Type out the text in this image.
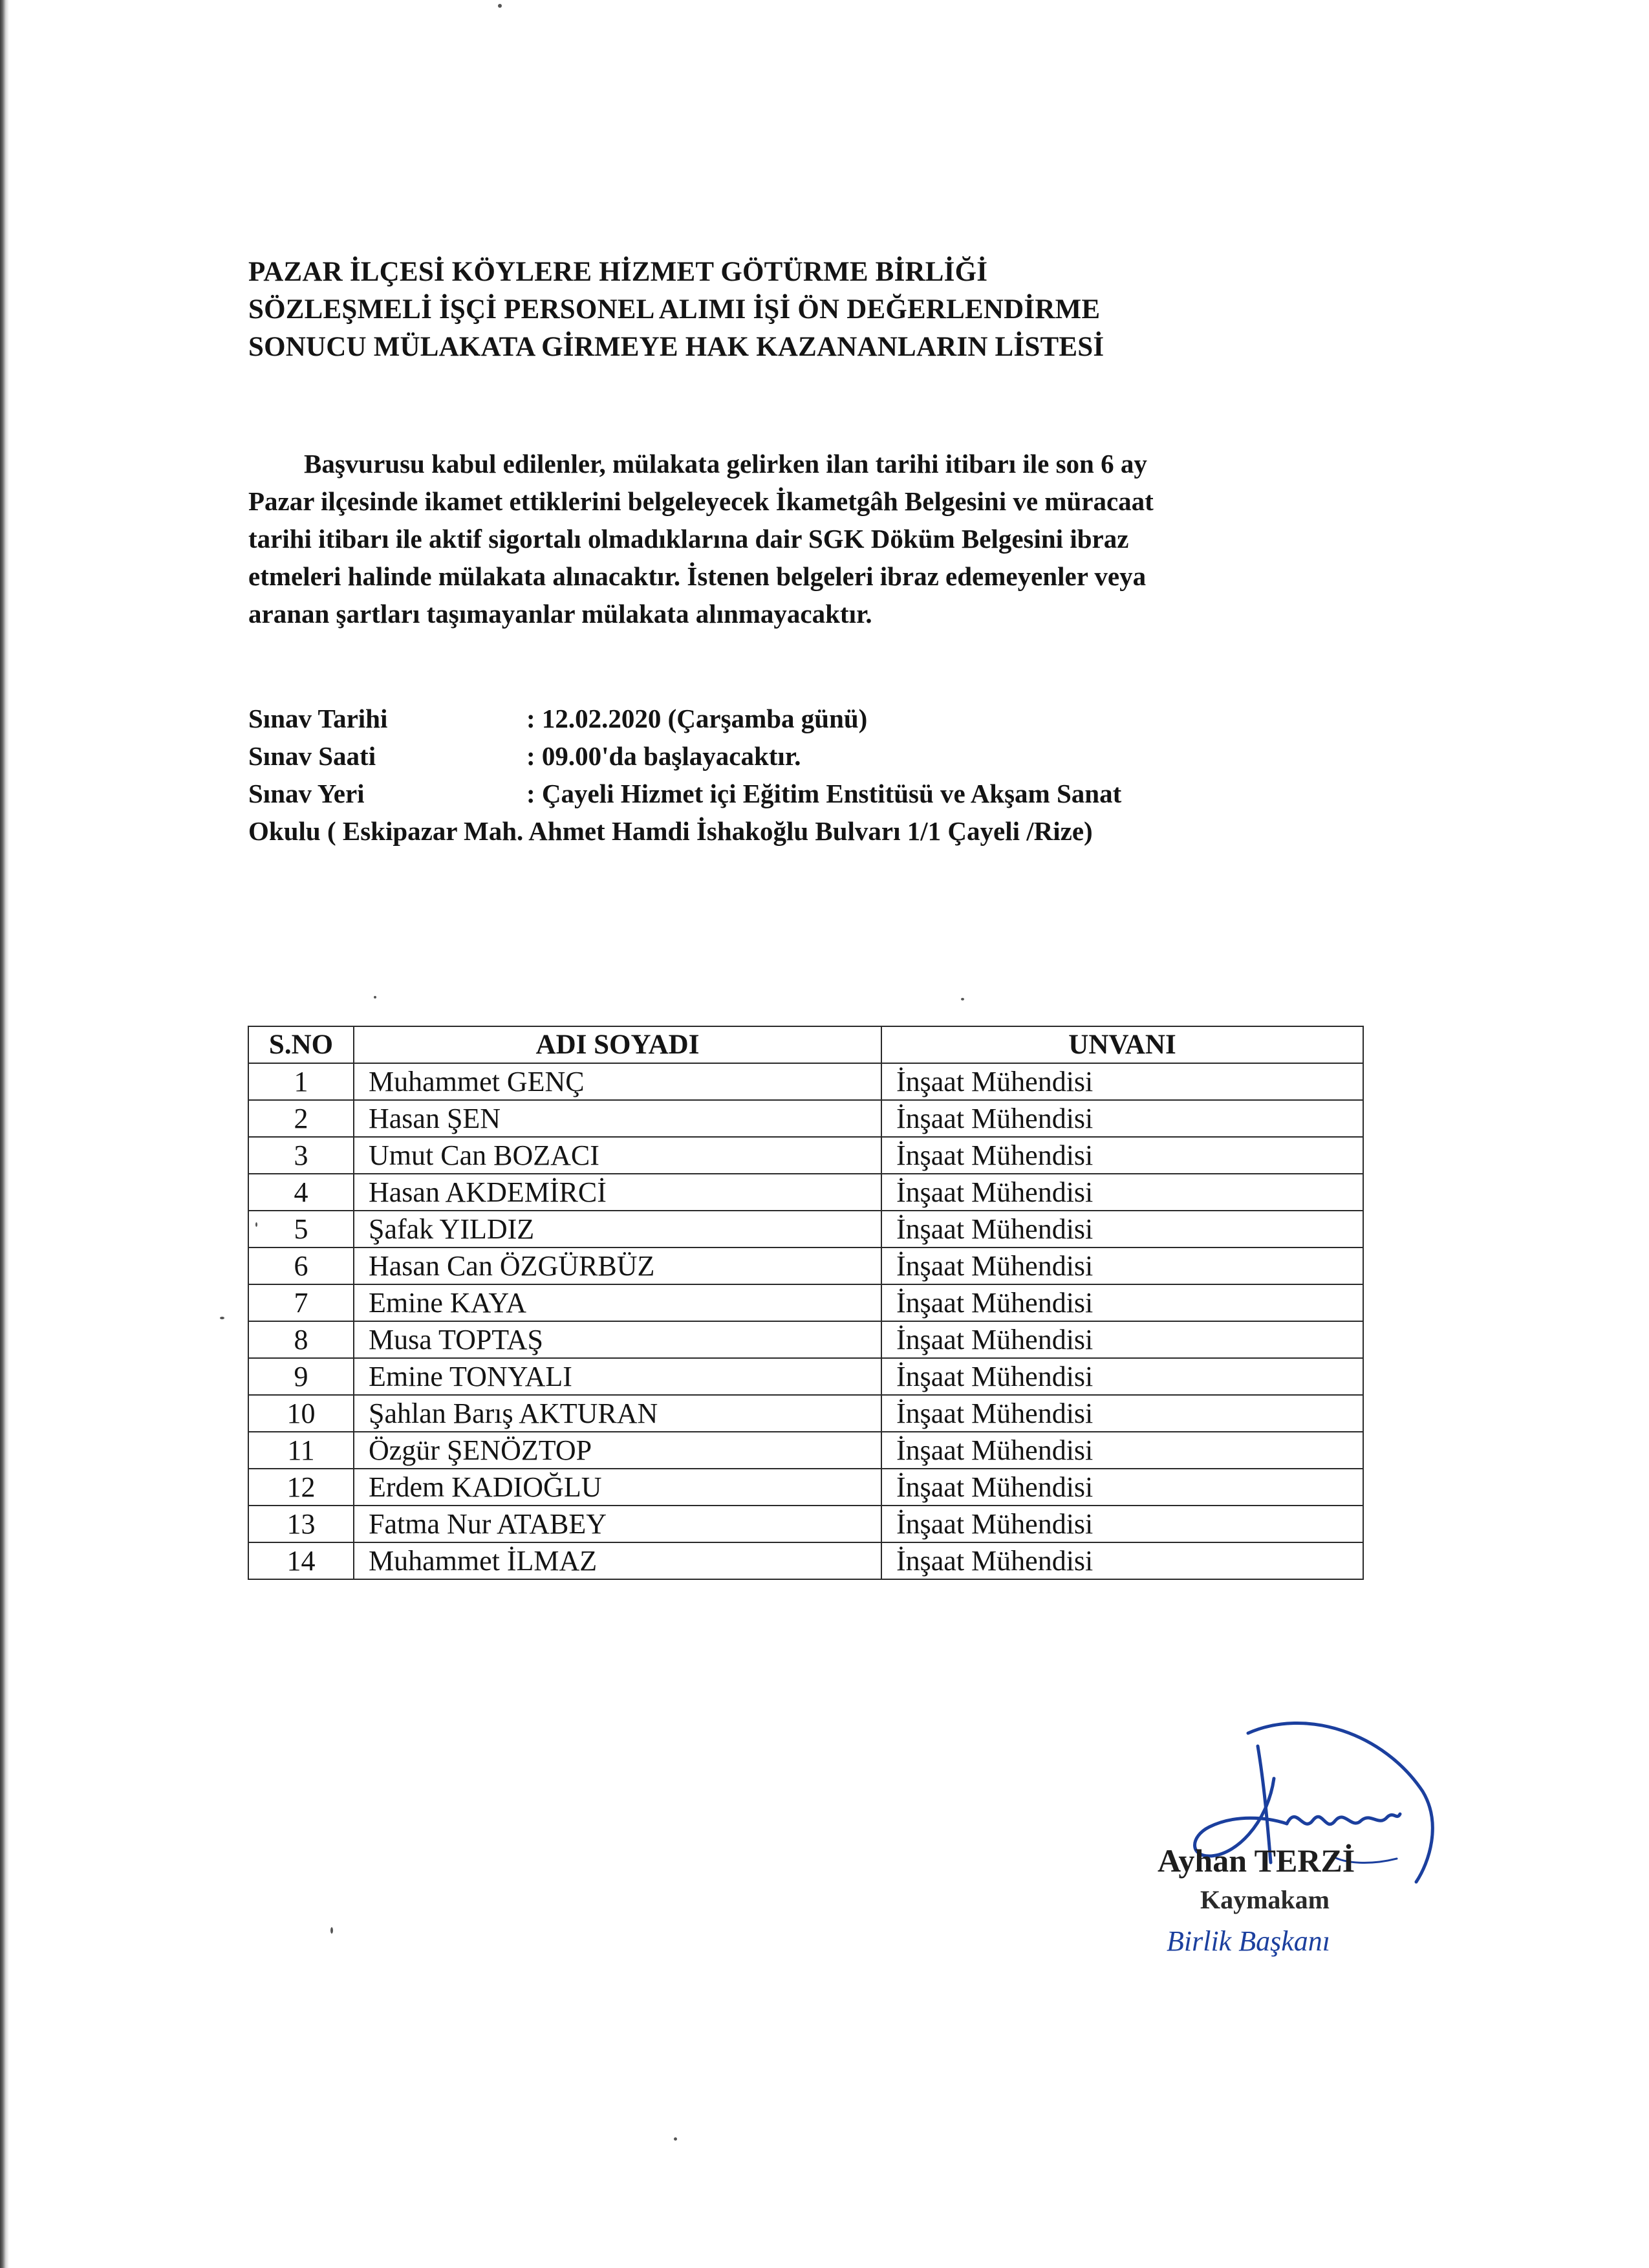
PAZAR İLÇESİ KÖYLERE HİZMET GÖTÜRME BİRLİĞİ
SÖZLEŞMELİ İŞÇİ PERSONEL ALIMI İŞİ ÖN DEĞERLENDİRME
SONUCU MÜLAKATA GİRMEYE HAK KAZANANLARIN LİSTESİ
Başvurusu kabul edilenler, mülakata gelirken ilan tarihi itibarı ile son 6 ay
Pazar ilçesinde ikamet ettiklerini belgeleyecek İkametgâh Belgesini ve müracaat
tarihi itibarı ile aktif sigortalı olmadıklarına dair SGK Döküm Belgesini ibraz
etmeleri halinde mülakata alınacaktır. İstenen belgeleri ibraz edemeyenler veya
aranan şartları taşımayanlar mülakata alınmayacaktır.
Sınav Tarihi	: 12.02.2020 (Çarşamba günü)
Sınav Saati	: 09.00'da başlayacaktır.
Sınav Yeri	: Çayeli Hizmet içi Eğitim Enstitüsü ve Akşam Sanat
Okulu ( Eskipazar Mah. Ahmet Hamdi İshakoğlu Bulvarı 1/1 Çayeli /Rize)
S.NO	ADI SOYADI	UNVANI
1	Muhammet GENÇ	İnşaat Mühendisi
2	Hasan ŞEN	İnşaat Mühendisi
3	Umut Can BOZACI	İnşaat Mühendisi
4	Hasan AKDEMİRCİ	İnşaat Mühendisi
5	Şafak YILDIZ	İnşaat Mühendisi
6	Hasan Can ÖZGÜRBÜZ	İnşaat Mühendisi
7	Emine KAYA	İnşaat Mühendisi
8	Musa TOPTAŞ	İnşaat Mühendisi
9	Emine TONYALI	İnşaat Mühendisi
10	Şahlan Barış AKTURAN	İnşaat Mühendisi
11	Özgür ŞENÖZTOP	İnşaat Mühendisi
12	Erdem KADIOĞLU	İnşaat Mühendisi
13	Fatma Nur ATABEY	İnşaat Mühendisi
14	Muhammet İLMAZ	İnşaat Mühendisi
Ayhan TERZİ
Kaymakam
Birlik Başkanı
